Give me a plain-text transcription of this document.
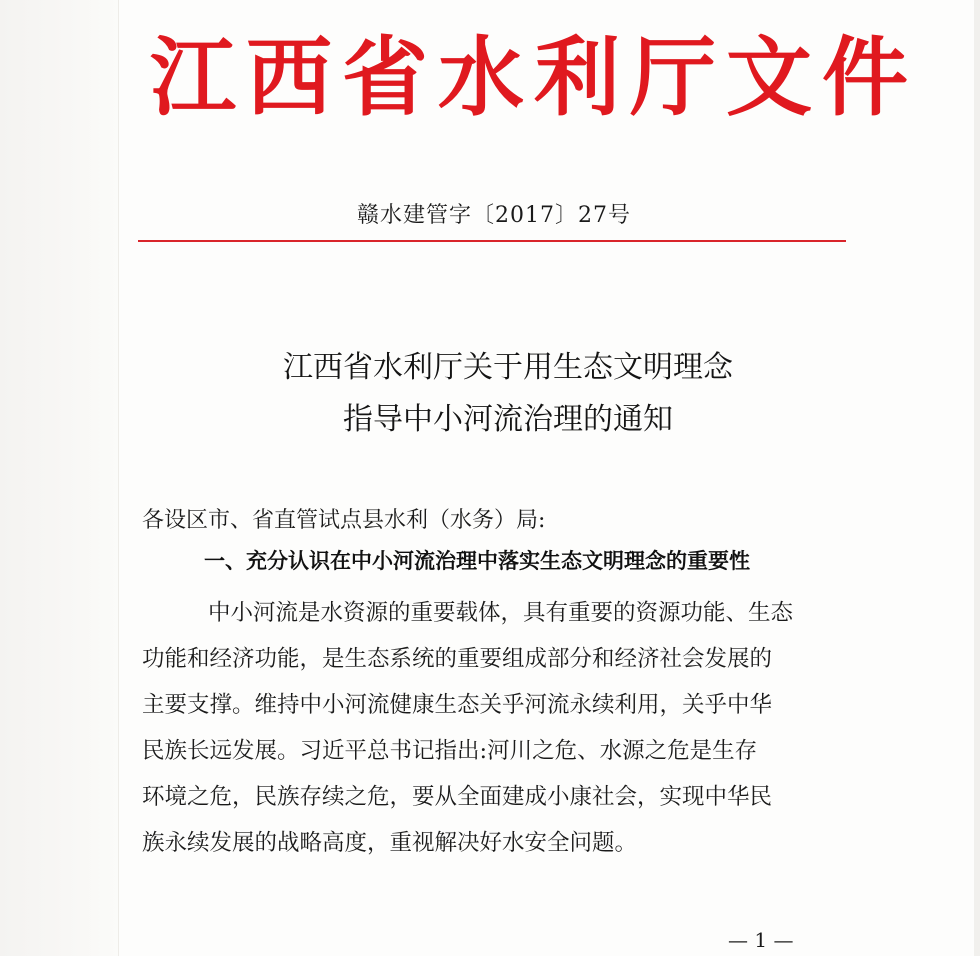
江西省水利厅文件
赣水建管字〔2017〕27号
江西省水利厅关于用生态文明理念
指导中小河流治理的通知
各设区市、省直管试点县水利（水务）局:
一、充分认识在中小河流治理中落实生态文明理念的重要性
中小河流是水资源的重要载体，具有重要的资源功能、生态
功能和经济功能，是生态系统的重要组成部分和经济社会发展的
主要支撑。维持中小河流健康生态关乎河流永续利用，关乎中华
民族长远发展。习近平总书记指出:河川之危、水源之危是生存
环境之危，民族存续之危，要从全面建成小康社会，实现中华民
族永续发展的战略高度，重视解决好水安全问题。
— 1 —
